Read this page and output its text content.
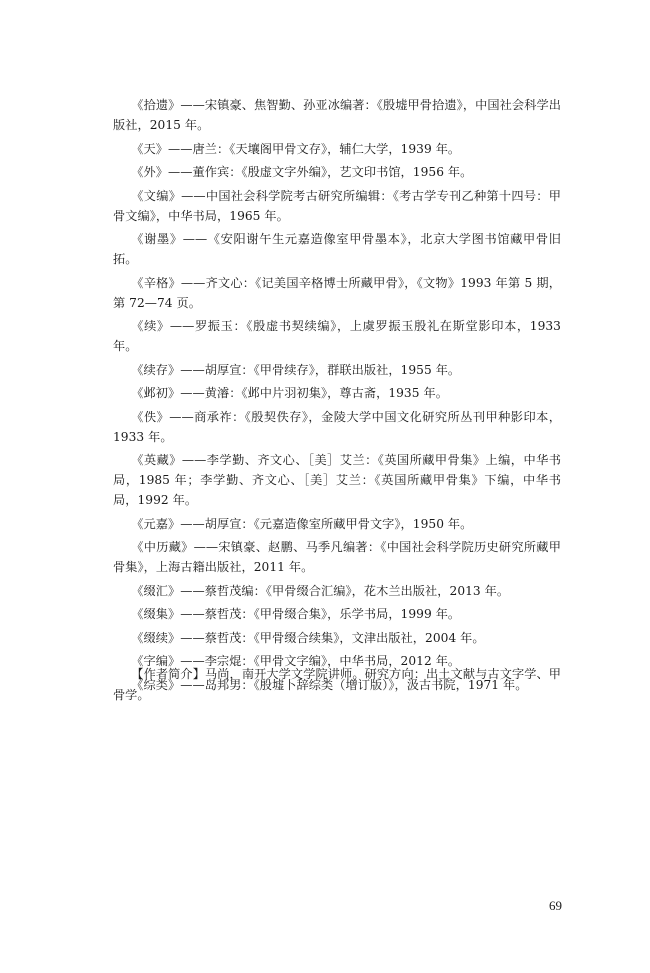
《拾遗》——宋镇豪、焦智勤、孙亚冰编著：《殷墟甲骨拾遗》，中国社会科学出版社，2015 年。

《天》——唐兰：《天壤阁甲骨文存》，辅仁大学，1939 年。

《外》——董作宾：《殷虚文字外编》，艺文印书馆，1956 年。

《文编》——中国社会科学院考古研究所编辑：《考古学专刊乙种第十四号：甲骨文编》，中华书局，1965 年。

《谢墨》——《安阳谢午生元嘉造像室甲骨墨本》，北京大学图书馆藏甲骨旧拓。

《辛格》——齐文心：《记美国辛格博士所藏甲骨》，《文物》1993 年第 5 期，第 72—74 页。

《续》——罗振玉：《殷虚书契续编》，上虞罗振玉殷礼在斯堂影印本，1933 年。

《续存》——胡厚宣：《甲骨续存》，群联出版社，1955 年。

《邺初》——黄濬：《邺中片羽初集》，尊古斋，1935 年。

《佚》——商承祚：《殷契佚存》，金陵大学中国文化研究所丛刊甲种影印本，1933 年。

《英藏》——李学勤、齐文心、［美］艾兰：《英国所藏甲骨集》上编，中华书局，1985 年；李学勤、齐文心、［美］艾兰：《英国所藏甲骨集》下编，中华书局，1992 年。

《元嘉》——胡厚宣：《元嘉造像室所藏甲骨文字》，1950 年。

《中历藏》——宋镇豪、赵鹏、马季凡编著：《中国社会科学院历史研究所藏甲骨集》，上海古籍出版社，2011 年。

《缀汇》——蔡哲茂编：《甲骨缀合汇编》，花木兰出版社，2013 年。

《缀集》——蔡哲茂：《甲骨缀合集》，乐学书局，1999 年。

《缀续》——蔡哲茂：《甲骨缀合续集》，文津出版社，2004 年。

《字编》——李宗焜：《甲骨文字编》，中华书局，2012 年。

《综类》——岛邦男：《殷墟卜辞综类（增订版）》，汲古书院，1971 年。

【作者简介】马尚，南开大学文学院讲师。研究方向：出土文献与古文字学、甲骨学。

69
